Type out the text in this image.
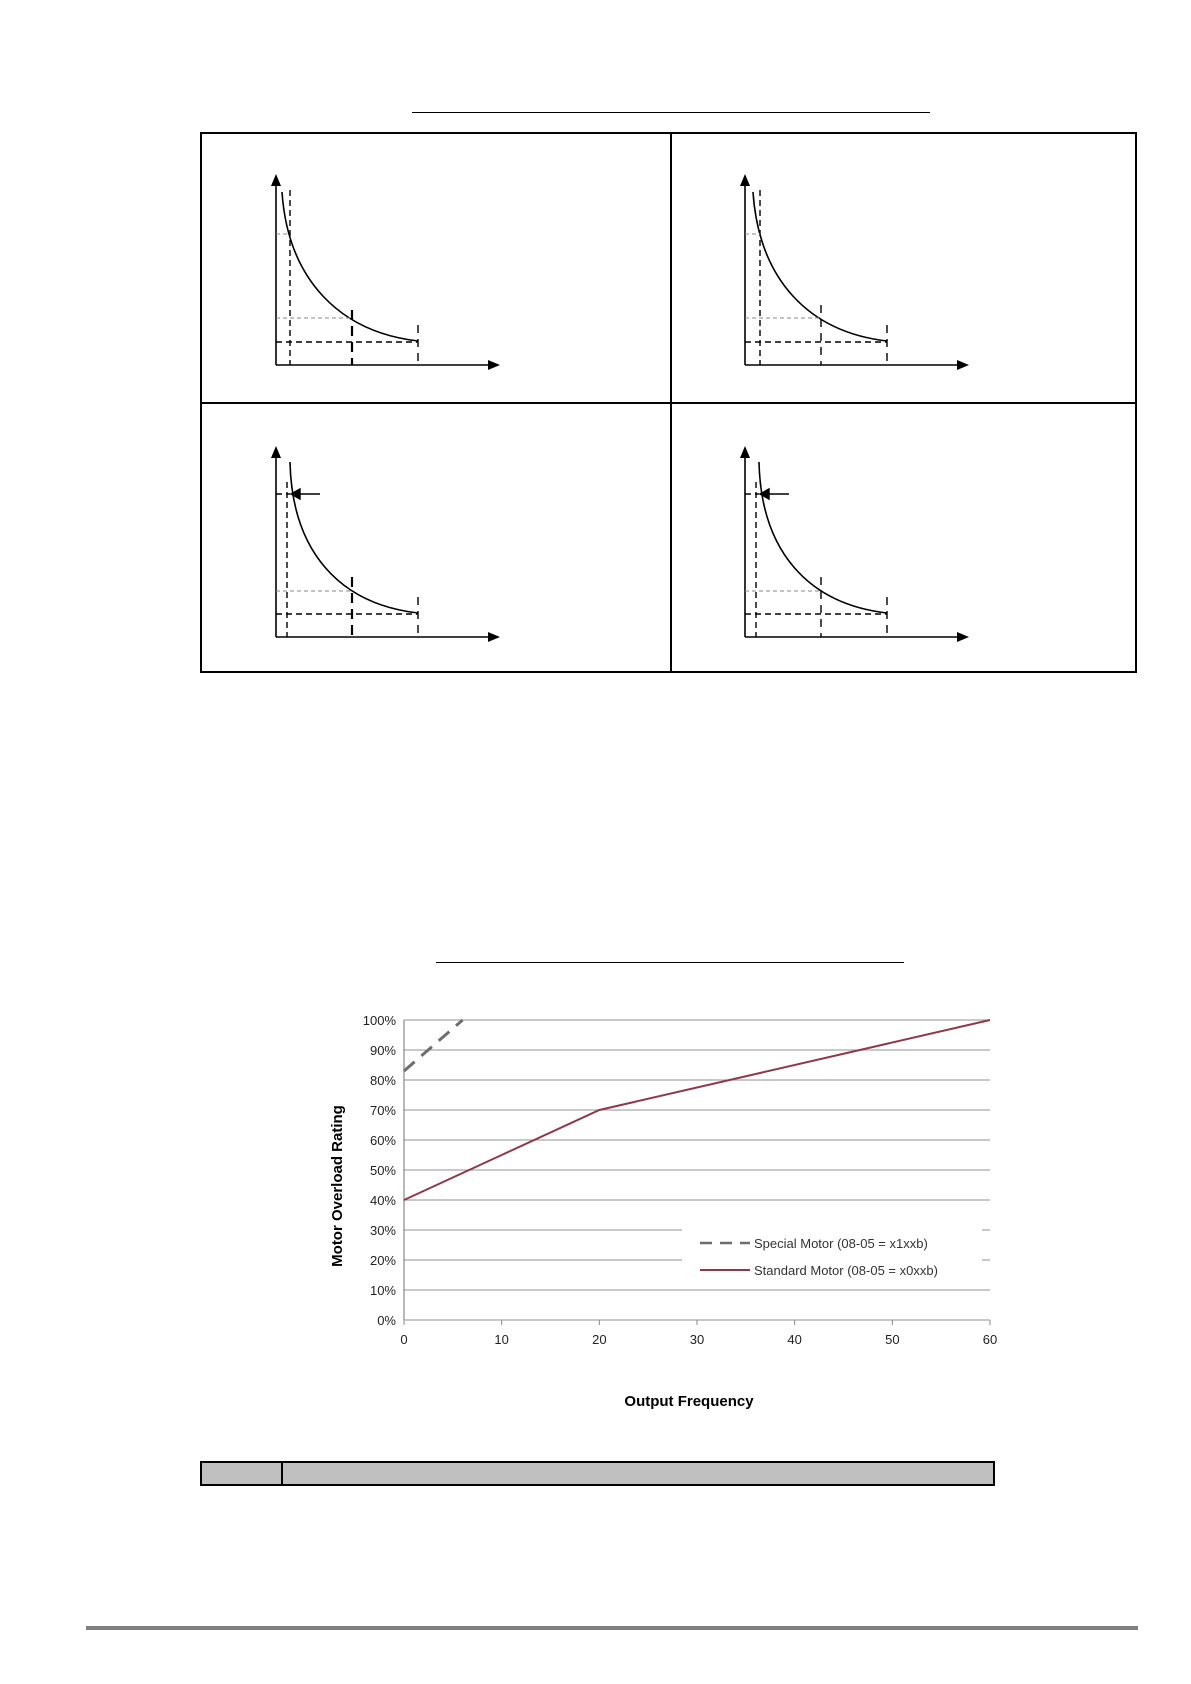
0%
10%
20%
30%
40%
50%
60%
70%
80%
90%
100%
0	10	20	30	40	50	60
Output Frequency
Motor Overload Rating	Special Motor (08-05 = x1xxb)
Standard Motor (08-05 = x0xxb)
